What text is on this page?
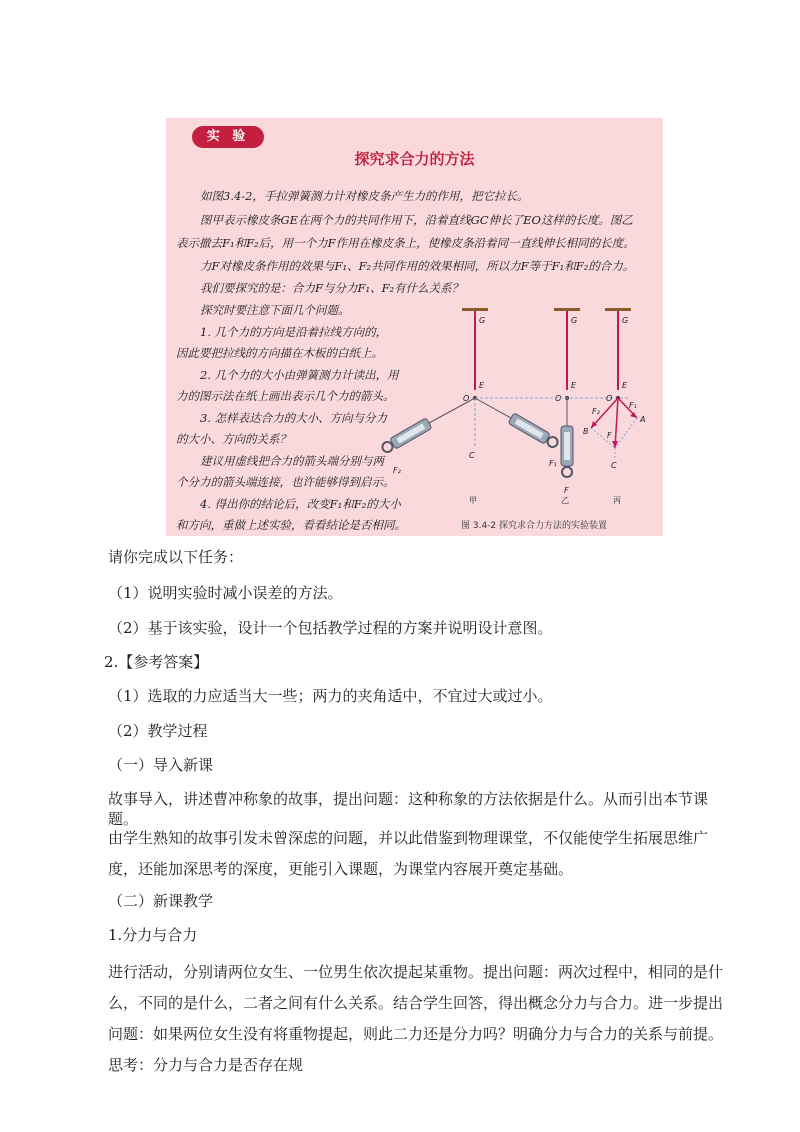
实 验
探究求合力的方法

如图3.4-2，手拉弹簧测力计对橡皮条产生力的作用，把它拉长。

图甲表示橡皮条GE在两个力的共同作用下，沿着直线GC伸长了EO这样的长度。图乙

表示撤去F₁和F₂后，用一个力F作用在橡皮条上，使橡皮条沿着同一直线伸长相同的长度。

力F对橡皮条作用的效果与F₁、F₂共同作用的效果相同，所以力F等于F₁和F₂的合力。

我们要探究的是：合力F与分力F₁、F₂有什么关系？

探究时要注意下面几个问题。

1. 几个力的方向是沿着拉线方向的，

因此要把拉线的方向描在木板的白纸上。

2. 几个力的大小由弹簧测力计读出，用

力的图示法在纸上画出表示几个力的箭头。

3. 怎样表达合力的大小、方向与分力

的大小、方向的关系？

建议用虚线把合力的箭头端分别与两

个分力的箭头端连接，也许能够得到启示。

4. 得出你的结论后，改变F₁和F₂的大小

和方向，重做上述实验，看看结论是否相同。

G
E
O
C
F₂
F₁
甲
G
E
O
F
乙
G
E
O
F₂
F₁
A
B F
C
丙
图 3.4-2 探究求合力方法的实验装置

请你完成以下任务：

（1）说明实验时减小误差的方法。

（2）基于该实验，设计一个包括教学过程的方案并说明设计意图。

2.【参考答案】

（1）选取的力应适当大一些；两力的夹角适中，不宜过大或过小。

（2）教学过程

（一）导入新课

故事导入，讲述曹冲称象的故事，提出问题：这种称象的方法依据是什么。从而引出本节课题。

由学生熟知的故事引发未曾深虑的问题，并以此借鉴到物理课堂，不仅能使学生拓展思维广度，还能加深思考的深度，更能引入课题，为课堂内容展开奠定基础。

（二）新课教学

1.分力与合力

进行活动，分别请两位女生、一位男生依次提起某重物。提出问题：两次过程中，相同的是什么，不同的是什么，二者之间有什么关系。结合学生回答，得出概念分力与合力。进一步提出问题：如果两位女生没有将重物提起，则此二力还是分力吗？明确分力与合力的关系与前提。思考：分力与合力是否存在规
